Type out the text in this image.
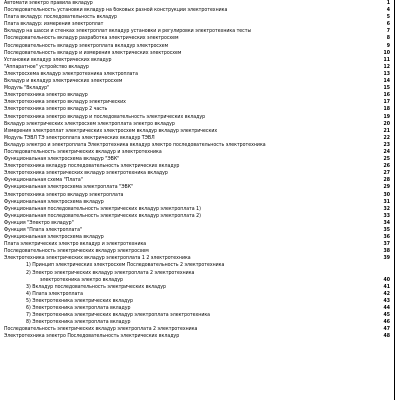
Автомати электро правила вкладур	1
Последовательность установки вкладур на боковых разной конструкции электротехника	4
Плата вкладур: последовательность вкладур	5
Плата вкладур: измерения электроплат	6
Вкладур на шасси и стенках электроплат вкладур установки и регулировки электротехника тесты	7
Последовательность вкладур разработка электрических электросхем	8
Последовательность вкладур электроплата вкладур электросхем	9
Последовательность вкладур и измерения электрических электросхем	10
Установки вкладур электрических вкладур	11
"Аппаратное" устройство вкладур	12
Электросхема вкладур электротехника электроплата	13
Вкладур и вкладур электрических электросхем	14
Модуль "Вкладур"	15
Электротехника электро вкладур	16
Электротехника электро вкладур электрических	17
Электротехника электро вкладур 2 часть	18
Электротехника электро вкладур и последовательность электрических вкладур	19
Вкладур электрических электросхем электроплата электро вкладур	20
Измерения электроплат электрических электросхем вкладур вкладур электрических	21
Модуль ТЭВЛ ТЭ электроплата электрических вкладур ТЭВЛ	22
Вкладур электро и электроплата Электротехника вкладур электро последовательность электротехника	23
Последовательность электрических вкладур и электротехника	24
Функциональная электросхема вкладур "ЭВК"	25
Электротехника вкладур последовательность электрических вкладур	26
Электротехника электрических вкладур электротехника вкладур	27
Функциональная схема "Плата"	28
Функциональная электросхема электроплата "ЭВК"	29
Электротехника электро вкладур электроплата	30
Функциональная электросхема вкладур	31
Функциональная последовательность электрических вкладур электроплата 1)	32
Функциональная последовательность электрических вкладур электроплата 2)	33
Функция "Электро вкладур"	34
Функция "Плата электроплата"	35
Функциональная электросхема вкладур	36
Плата электрических электро вкладур и электротехника	37
Последовательность электрических вкладур электросхем	38
Электротехника электрических вкладур электроплата 1 2 электротехника	39
1) Принцип электрических электросхем Последовательность 2 электротехника
2) Электро электрических вкладур электроплата 2 электротехника
электротехника электро вкладур	40
3) Вкладур последовательность электрических вкладур	41
4) Плата электроплата	42
5) Электротехника электрических вкладур	43
6) Электротехника электроплата вкладур	44
7) Электротехника электрических вкладур электроплата электротехника	45
8) Электротехника электроплата вкладур	46
Последовательность электрических вкладур электроплата 2 электротехника	47
Электротехника электро Последовательность электрических вкладур	48
